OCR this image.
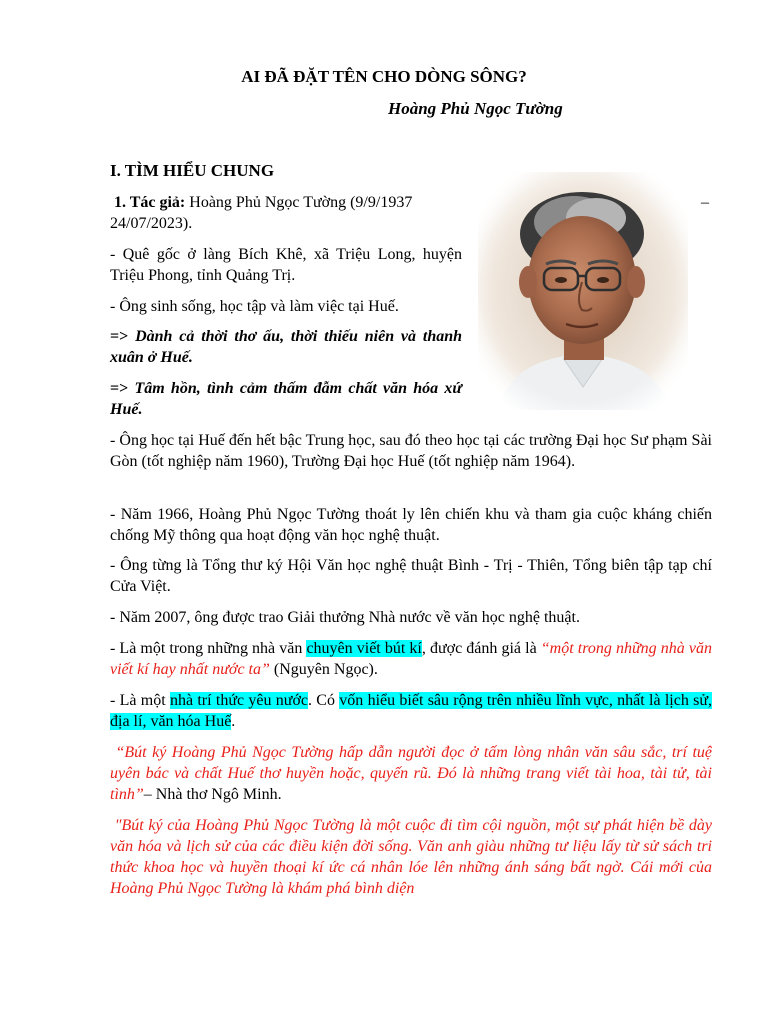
AI ĐÃ ĐẶT TÊN CHO DÒNG SÔNG?
Hoàng Phủ Ngọc Tường
I. TÌM HIỂU CHUNG

1. Tác giả: Hoàng Phủ Ngọc Tường (9/9/1937
24/07/2023).

–

- Quê gốc ở làng Bích Khê, xã Triệu Long, huyện Triệu Phong, tỉnh Quảng Trị.

- Ông sinh sống, học tập và làm việc tại Huế.

=> Dành cả thời thơ ấu, thời thiếu niên và thanh xuân ở Huế.

=> Tâm hồn, tình cảm thấm đẫm chất văn hóa xứ Huế.

- Ông học tại Huế đến hết bậc Trung học, sau đó theo học tại các trường Đại học Sư phạm Sài Gòn (tốt nghiệp năm 1960), Trường Đại học Huế (tốt nghiệp năm 1964).

- Năm 1966, Hoàng Phủ Ngọc Tường thoát ly lên chiến khu và tham gia cuộc kháng chiến chống Mỹ thông qua hoạt động văn học nghệ thuật.

- Ông từng là Tổng thư ký Hội Văn học nghệ thuật Bình - Trị - Thiên, Tổng biên tập tạp chí Cửa Việt.

- Năm 2007, ông được trao Giải thưởng Nhà nước về văn học nghệ thuật.

- Là một trong những nhà văn chuyên viết bút kí, được đánh giá là “một trong những nhà văn viết kí hay nhất nước ta” (Nguyên Ngọc).

- Là một nhà trí thức yêu nước. Có vốn hiểu biết sâu rộng trên nhiều lĩnh vực, nhất là lịch sử, địa lí, văn hóa Huế.

“Bút ký Hoàng Phủ Ngọc Tường hấp dẫn người đọc ở tấm lòng nhân văn sâu sắc, trí tuệ uyên bác và chất Huế thơ huyền hoặc, quyến rũ. Đó là những trang viết tài hoa, tài tử, tài tình”– Nhà thơ Ngô Minh.

"Bút ký của Hoàng Phủ Ngọc Tường là một cuộc đi tìm cội nguồn, một sự phát hiện bề dày văn hóa và lịch sử của các điều kiện đời sống. Văn anh giàu những tư liệu lấy từ sử sách tri thức khoa học và huyền thoại kí ức cá nhân lóe lên những ánh sáng bất ngờ. Cái mới của Hoàng Phủ Ngọc Tường là khám phá bình diện
